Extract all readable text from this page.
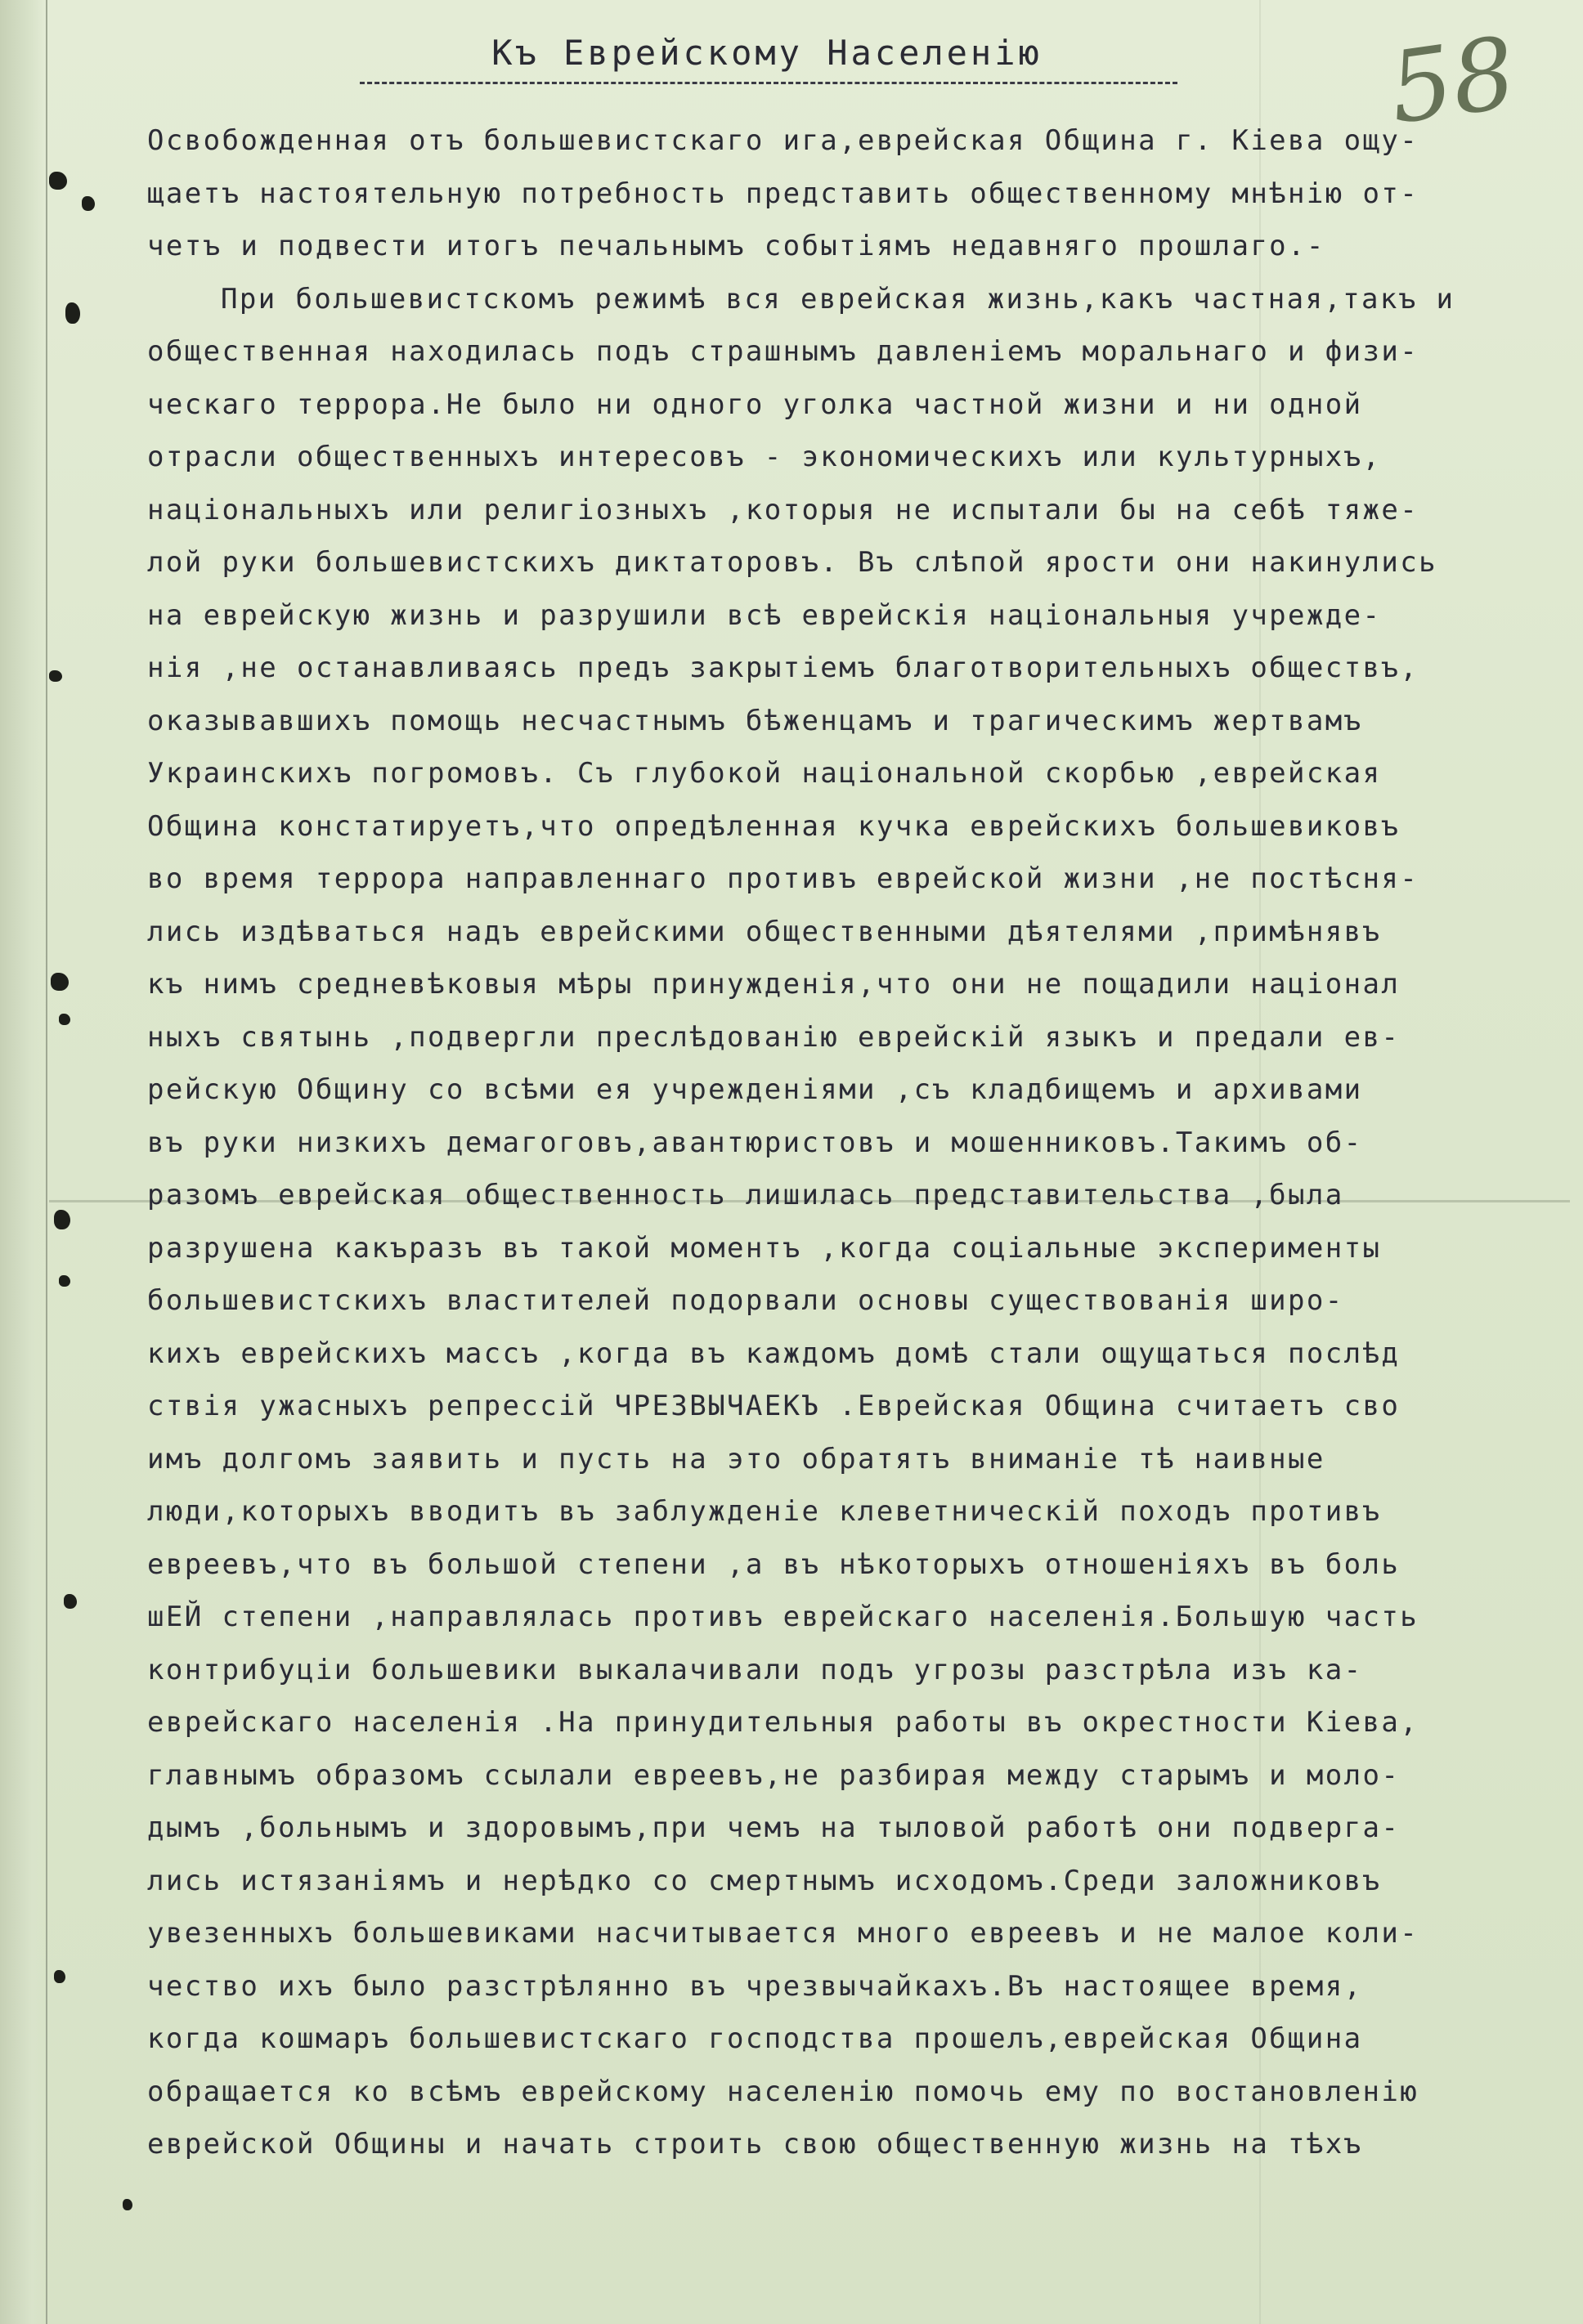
58
Къ Еврейскому Населенію
Освобожденная отъ большевистскаго ига,еврейская Община г. Кіева ощу-
щаетъ настоятельную потребность представить общественному мнѣнію от-
четъ и подвести итогъ печальнымъ событіямъ недавняго прошлаго.-
При большевистскомъ режимѣ вся еврейская жизнь,какъ частная,такъ и
общественная находилась подъ страшнымъ давленіемъ моральнаго и физи-
ческаго террора.Не было ни одного уголка частной жизни и ни одной
отрасли общественныхъ интересовъ - экономическихъ или культурныхъ,
національныхъ или религіозныхъ ,которыя не испытали бы на себѣ тяже-
лой руки большевистскихъ диктаторовъ. Въ слѣпой ярости они накинулись
на еврейскую жизнь и разрушили всѣ еврейскія національныя учрежде-
нія ,не останавливаясь предъ закрытіемъ благотворительныхъ обществъ,
оказывавшихъ помощь несчастнымъ бѣженцамъ и трагическимъ жертвамъ
Украинскихъ погромовъ. Съ глубокой національной скорбью ,еврейская
Община констатируетъ,что опредѣленная кучка еврейскихъ большевиковъ
во время террора направленнаго противъ еврейской жизни ,не постѣсня-
лись издѣваться надъ еврейскими общественными дѣятелями ,примѣнявъ
къ нимъ средневѣковыя мѣры принужденія,что они не пощадили націонал
ныхъ святынь ,подвергли преслѣдованію еврейскій языкъ и предали ев-
рейскую Общину со всѣми ея учрежденіями ,съ кладбищемъ и архивами
въ руки низкихъ демагоговъ,авантюристовъ и мошенниковъ.Такимъ об-
разомъ еврейская общественность лишилась представительства ,была
разрушена какъразъ въ такой моментъ ,когда соціальные эксперименты
большевистскихъ властителей подорвали основы существованія широ-
кихъ еврейскихъ массъ ,когда въ каждомъ домѣ стали ощущаться послѣд
ствія ужасныхъ репрессій ЧРЕЗВЫЧАЕКЪ .Еврейская Община считаетъ сво
имъ долгомъ заявить и пусть на это обратятъ вниманіе тѣ наивные
люди,которыхъ вводитъ въ заблужденіе клеветническій походъ противъ
евреевъ,что въ большой степени ,а въ нѣкоторыхъ отношеніяхъ въ боль
шЕЙ степени ,направлялась противъ еврейскаго населенія.Большую часть
контрибуціи большевики выкалачивали подъ угрозы разстрѣла изъ ка-
еврейскаго населенія .На принудительныя работы въ окрестности Кіева,
главнымъ образомъ ссылали евреевъ,не разбирая между старымъ и моло-
дымъ ,больнымъ и здоровымъ,при чемъ на тыловой работѣ они подверга-
лись истязаніямъ и нерѣдко со смертнымъ исходомъ.Среди заложниковъ
увезенныхъ большевиками насчитывается много евреевъ и не малое коли-
чество ихъ было разстрѣлянно въ чрезвычайкахъ.Въ настоящее время,
когда кошмаръ большевистскаго господства прошелъ,еврейская Община
обращается ко всѣмъ еврейскому населенію помочь ему по востановленію
еврейской Общины и начать строить свою общественную жизнь на тѣхъ
